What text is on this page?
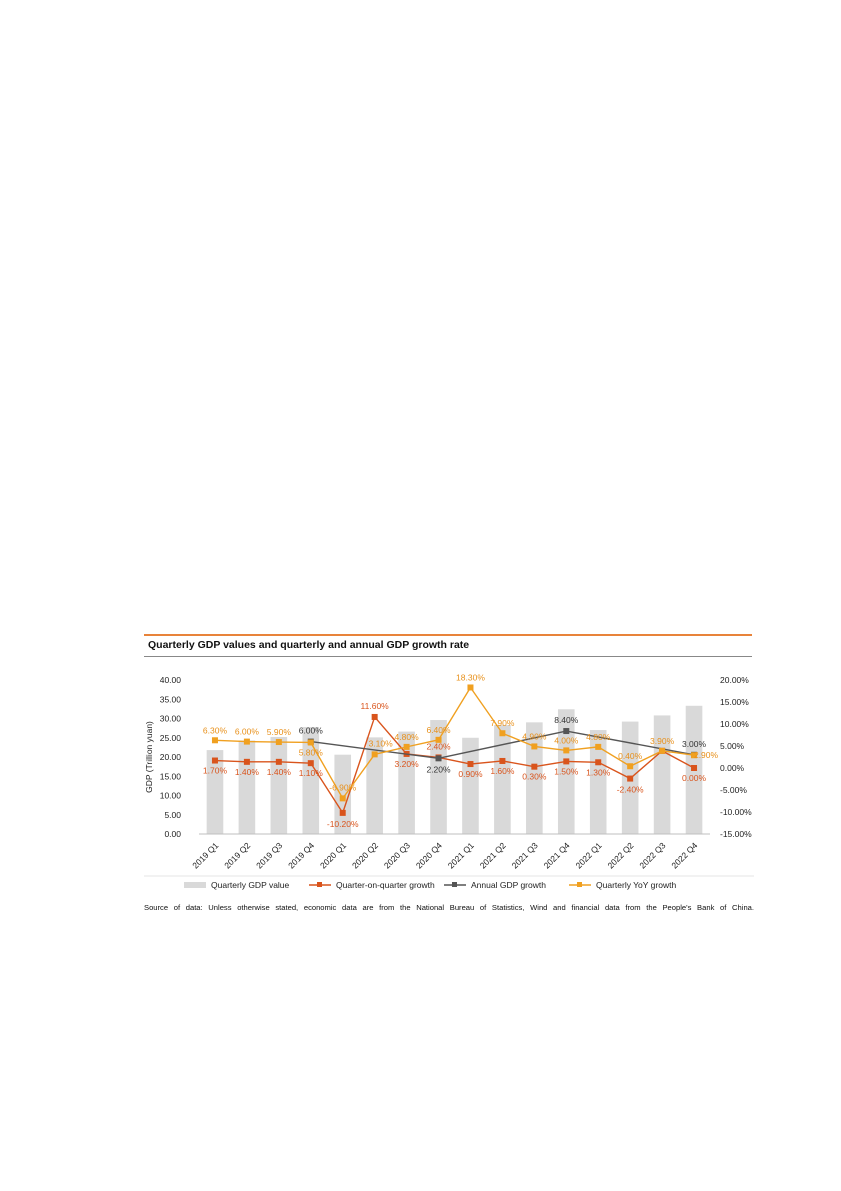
Quarterly GDP values and quarterly and annual GDP growth rate
0.00
5.00
10.00
15.00
20.00
25.00
30.00
35.00
40.00
-15.00%
-10.00%
-5.00%
0.00%
5.00%
10.00%
15.00%
20.00%
GDP (Trillion yuan)
2019 Q1 2019 Q2 2019 Q3 2019 Q4 2020 Q1 2020 Q2 2020 Q3 2020 Q4 2021 Q1 2021 Q2 2021 Q3 2021 Q4 2022 Q1 2022 Q2 2022 Q3 2022 Q4
1.70% 1.40% 1.40% 1.10%
-10.20%
11.60%
3.20%
2.40%
0.90% 1.60%
0.30%
1.50% 1.30%
-2.40%
0.00%
6.00%
2.20%
8.40%
3.00%
6.30% 6.00% 5.90%
5.80%
-6.90%
3.10%
4.80%
6.40%
18.30%
7.90%
4.90% 4.00% 4.80%
0.40%
3.90%
2.90%
Quarterly GDP value	Quarter-on-quarter growth	Annual GDP growth	Quarterly YoY growth
Source of data: Unless otherwise stated, economic data are from the National Bureau of Statistics, Wind and financial data from the People's Bank of China.
